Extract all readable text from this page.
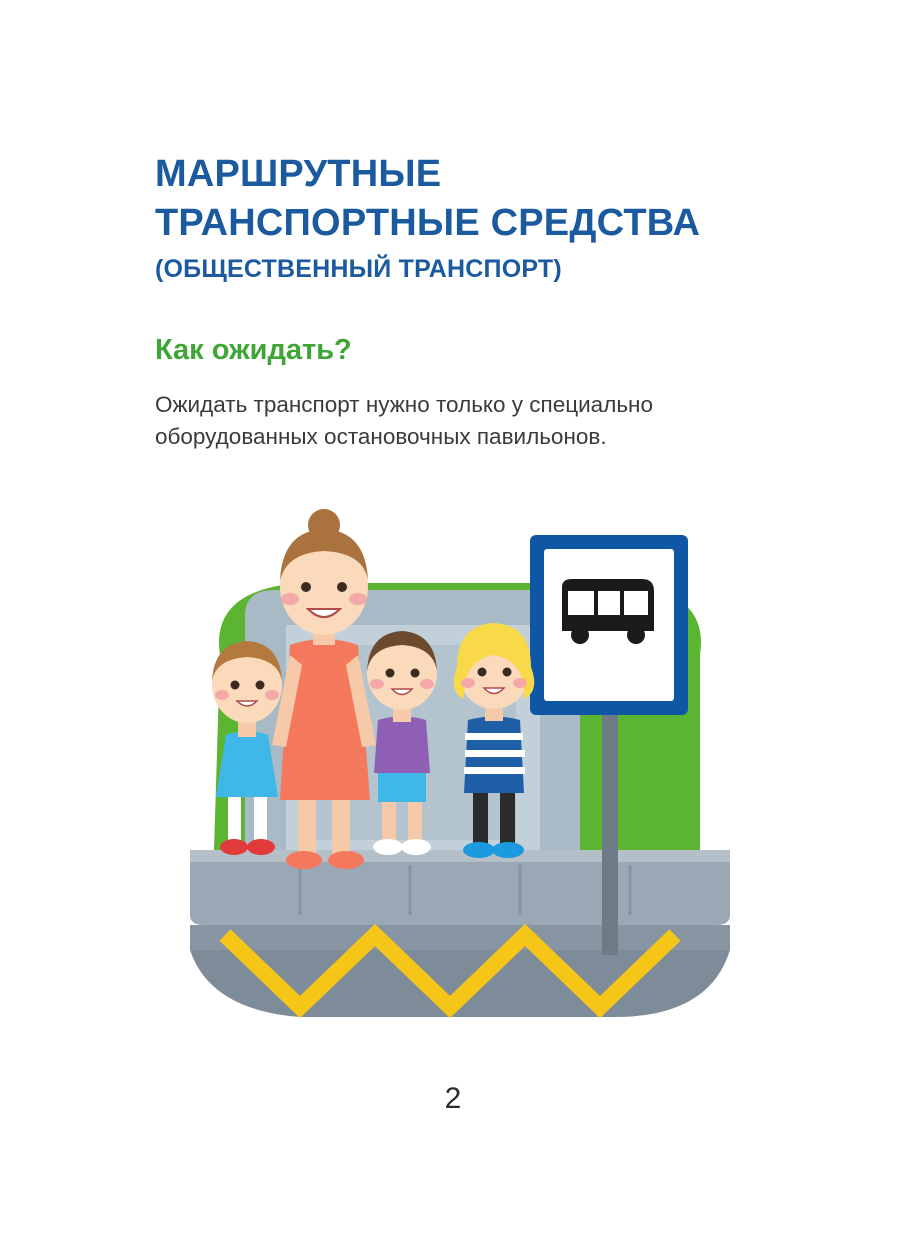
МАРШРУТНЫЕ
ТРАНСПОРТНЫЕ СРЕДСТВА
(ОБЩЕСТВЕННЫЙ ТРАНСПОРТ)
Как ожидать?

Ожидать транспорт нужно только у специально оборудованных остановочных павильонов.

2
